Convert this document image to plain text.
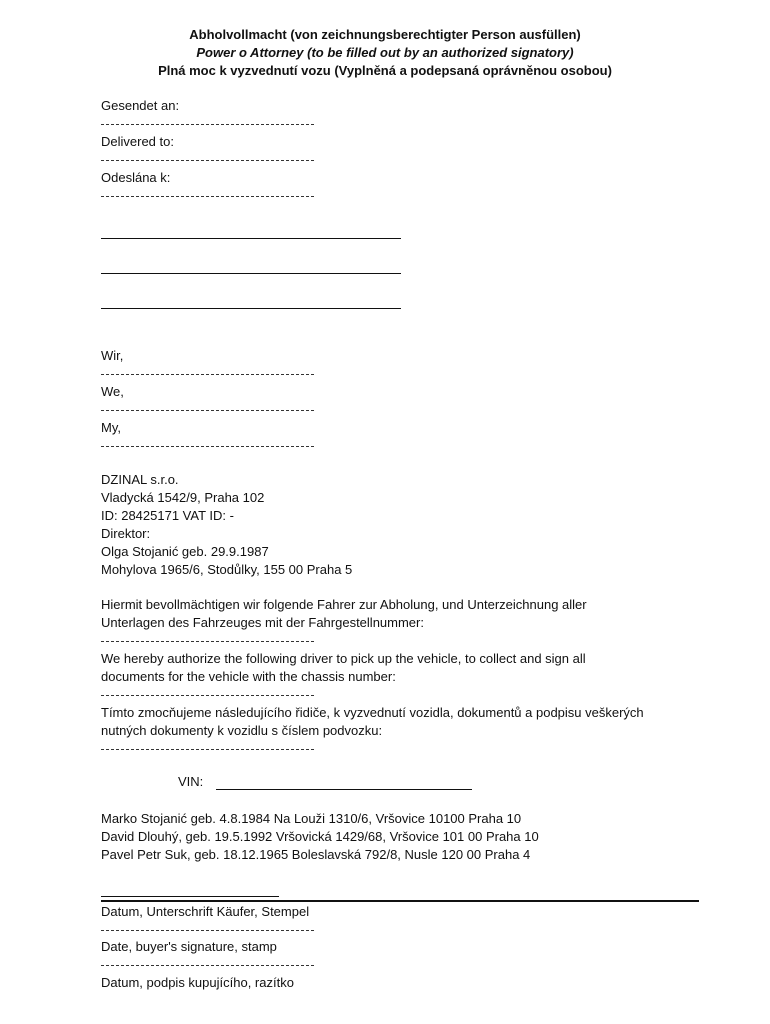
Abholvollmacht (von zeichnungsberechtigter Person ausfüllen)
Power o Attorney (to be filled out by an authorized signatory)
Plná moc k vyzvednutí vozu (Vyplněná a podepsaná oprávněnou osobou)
Gesendet an:
Delivered to:
Odeslána k:
Wir,
We,
My,
DZINAL s.r.o.
Vladycká 1542/9, Praha 102
ID: 28425171 VAT ID: -
Direktor:
Olga Stojanić geb. 29.9.1987
Mohylova 1965/6, Stodůlky, 155 00 Praha 5
Hiermit bevollmächtigen wir folgende Fahrer zur Abholung, und Unterzeichnung aller
Unterlagen des Fahrzeuges mit der Fahrgestellnummer:
We hereby authorize the following driver to pick up the vehicle, to collect and sign all
documents for the vehicle with the chassis number:
Tímto zmocňujeme následujícího řidiče, k vyzvednutí vozidla, dokumentů a podpisu veškerých
nutných dokumenty k vozidlu s číslem podvozku:
VIN:
Marko Stojanić geb. 4.8.1984 Na Louži 1310/6, Vršovice 10100 Praha 10
David Dlouhý, geb. 19.5.1992 Vršovická 1429/68, Vršovice 101 00 Praha 10
Pavel Petr Suk, geb. 18.12.1965 Boleslavská 792/8, Nusle 120 00 Praha 4
Datum, Unterschrift Käufer, Stempel
Date, buyer's signature, stamp
Datum, podpis kupujícího, razítko
